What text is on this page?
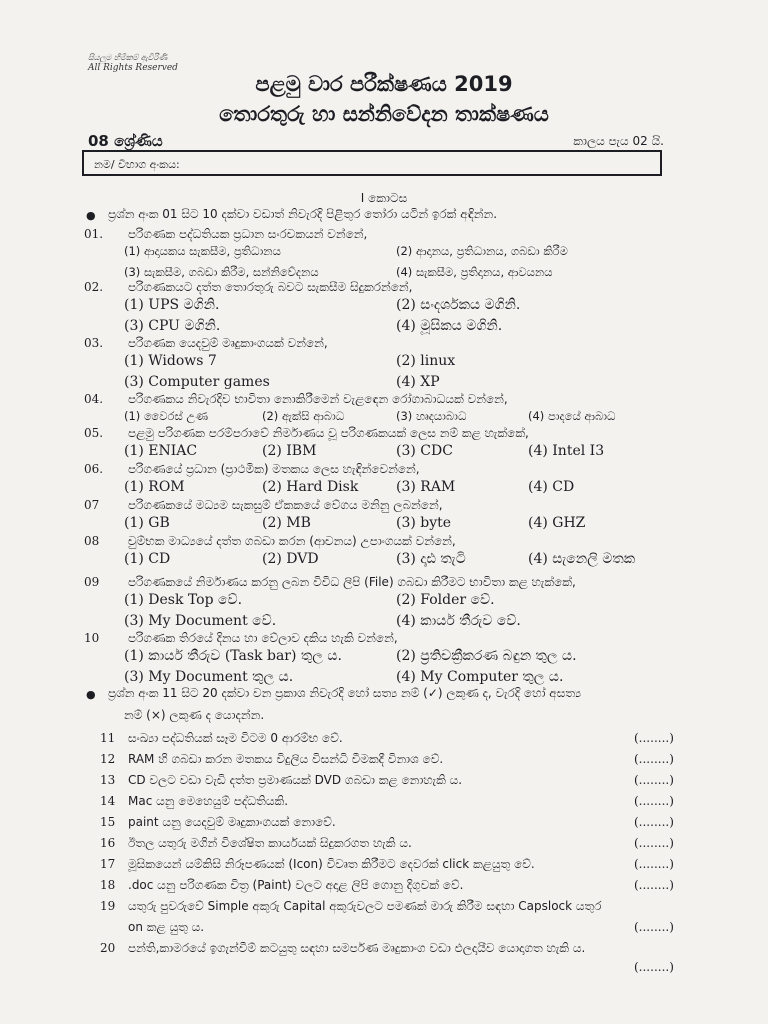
සියලුම හිමිකම් ඇවිරිණි
All Rights Reserved
පළමු වාර පරීක්ෂණය 2019
තොරතුරු හා සන්නිවේදන තාක්ෂණය
08 ශ්‍රේණිය	කාලය පැය 02 යි.
නම/ විභාග අංකය:
I කොටස
● ප්‍රශ්න අංක 01 සිට 10 දක්වා වඩාත් නිවැරදි පිළිතුර තෝරා යටින් ඉරක් අඳින්න.
01. පරිගණක පද්ධතියක ප්‍රධාන සංරචකයන් වන්නේ,
(1) ආදායකය සැකසීම, ප්‍රතිධානය	(2) ආදානය, ප්‍රතිධානය, ගබඩා කිරීම
(3) සැකසීම, ගබඩා කිරීම, සන්නිවේදනය	(4) සැකසීම, ප්‍රතිදානය, ආවයනය
02. පරිගණකයට දත්ත තොරතුරු බවට සැකසීම සිදුකරන්නේ,
(1) UPS මගිනි.	(2) සංදර්ශකය මගිනි.
(3) CPU මගිනි.	(4) මූසිකය මගිනි.
03. පරිගණක යෙදවුම් මෘදුකාංගයක් වන්නේ,
(1) Widows 7	(2) linux
(3) Computer games	(4) XP
04. පරිගණකය නිවැරදිව භාවිතා නොකිරීමෙන් වැළඳෙන රෝගාබාධයක් වන්නේ,
(1) වෛරස් උණ	(2) ඇක්සි ආබාධ	(3) හෘදයාබාධ	(4) පාදයේ ආබාධ
05. පළමු පරිගණක පරම්පරාවේ නිර්මාණය වූ පරිගණකයක් ලෙස නම් කළ හැක්කේ,
(1) ENIAC	(2) IBM	(3) CDC	(4) Intel I3
06. පරිගණයේ ප්‍රධාන (ප්‍රාථමික) මතකය ලෙස හැඳින්වෙන්නේ,
(1) ROM	(2) Hard Disk	(3) RAM	(4) CD
07 පරිගණකයේ මධ්‍යම සැකසුම් ඒකකයේ වේගය මනිනු ලබන්නේ,
(1) GB	(2) MB	(3) byte	(4) GHZ
08 චුම්භක මාධ්‍යයේ දත්ත ගබඩා කරන (ආචනය) උපාංගයක් වන්නේ,
(1) CD	(2) DVD	(3) දෘඪ තැටි	(4) සැනෙලි මතක
09 පරිගණකයේ නිර්මාණය කරනු ලබන විවිධ ලිපි (File) ගබඩා කිරීමට භාවිතා කළ හැක්කේ,
(1) Desk Top වේ.	(2) Folder වේ.
(3) My Document වේ.	(4) කාර්ය තීරුව වේ.
10 පරිගණක තිරයේ දිනය හා වේලාව දකිය හැකි වන්නේ,
(1) කාර්ය තීරුව (Task bar) තුල ය.	(2) ප්‍රතිචක්‍රීකරණ බඳුන තුල ය.
(3) My Document තුල ය.	(4) My Computer තුල ය.
● ප්‍රශ්න අංක 11 සිට 20 දක්වා වන ප්‍රකාශ නිවැරදි හෝ සත්‍ය නම් (✓) ලකුණ ද, වැරදි හෝ අසත්‍ය
නම් (×) ලකුණ ද යොදන්න.
11 සංඛ්‍යා පද්ධතියක් සෑම විටම 0 ආරම්භ වේ.	(........)
12 RAM හි ගබඩා කරන මතකය විදුලිය විසන්ධි වීමකදී විනාශ වේ.	(........)
13 CD වලට වඩා වැඩි දත්ත ප්‍රමාණයක් DVD ගබඩා කළ නොහැකි ය.	(........)
14 Mac යනු මෙහෙයුම් පද්ධතියකි.	(........)
15 paint යනු යෙදවුම් මෘදුකාංගයක් නොවේ.	(........)
16 ඊතල යතුරු මගින් විශේෂිත කාර්යයක් සිදුකරගත හැකි ය.	(........)
17 මූසිකයෙන් යම්කිසි නිරූපණයක් (Icon) විවෘත කිරීමට දෙවරක් click කළයුතු වේ.	(........)
18 .doc යනු පරිගණක චිත්‍ර (Paint) වලට අදාළ ලිපි ගොනු දිගුවක් වේ.	(........)
19 යතුරු පුවරුවේ Simple අකුරු Capital අකුරුවලට පමණක් මාරු කිරීම සඳහා Capslock යතුර
on කළ යුතු ය.	(........)
20 පන්ති,කාමරයේ ඉගැන්වීම් කටයුතු සඳහා සමර්පණ මෘදුකාංග වඩා ඵලදායීව යොදාගත හැකි ය.
(........)
